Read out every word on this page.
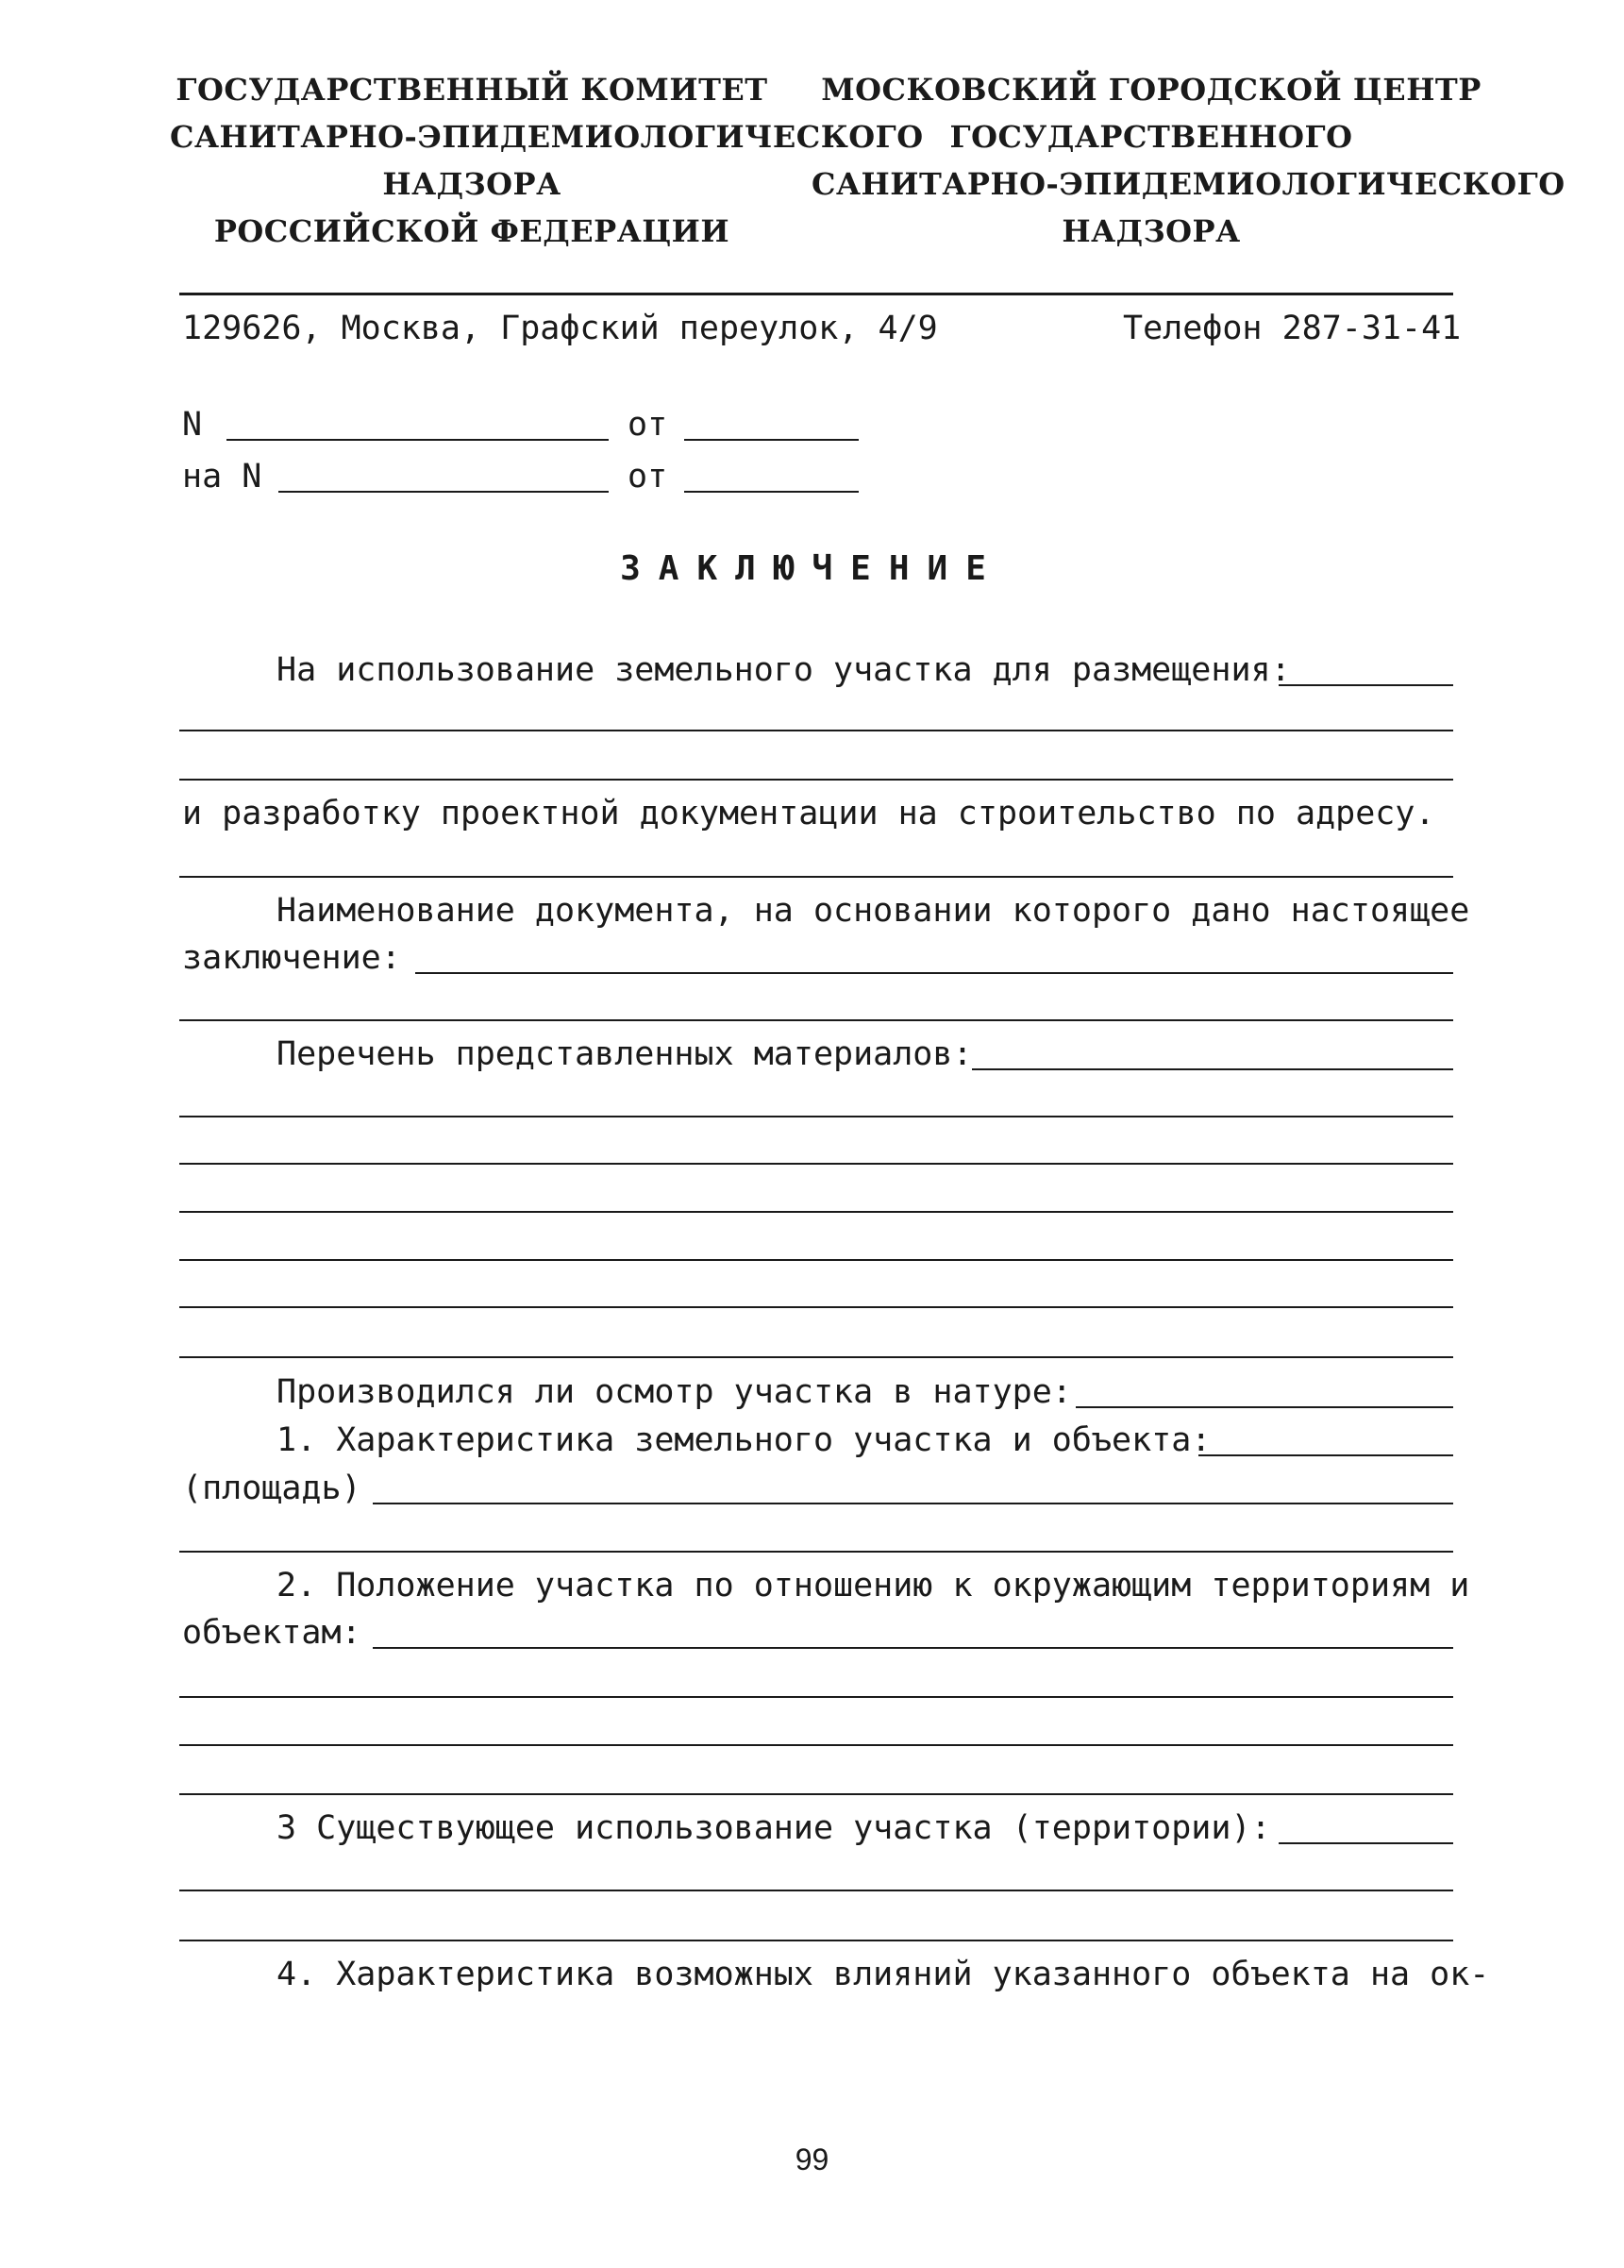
ГОСУДАРСТВЕННЫЙ КОМИТЕТ
САНИТАРНО-ЭПИДЕМИОЛОГИЧЕСКОГО
НАДЗОРА
РОССИЙСКОЙ ФЕДЕРАЦИИ
МОСКОВСКИЙ ГОРОДСКОЙ ЦЕНТР
ГОСУДАРСТВЕННОГО
САНИТАРНО-ЭПИДЕМИОЛОГИЧЕСКОГО
НАДЗОРА
129626, Москва, Графский переулок, 4/9	Телефон 287-31-41
N	от
на N	от
ЗАКЛЮЧЕНИЕ
На использование земельного участка для размещения:
и разработку проектной документации на строительство по адресу.
Наименование документа, на основании которого дано настоящее
заключение:
Перечень представленных материалов:
Производился ли осмотр участка в натуре:
1. Характеристика земельного участка и объекта:
(площадь)
2. Положение участка по отношению к окружающим территориям и
объектам:
3 Существующее использование участка (территории):
4. Характеристика возможных влияний указанного объекта на ок-
99
